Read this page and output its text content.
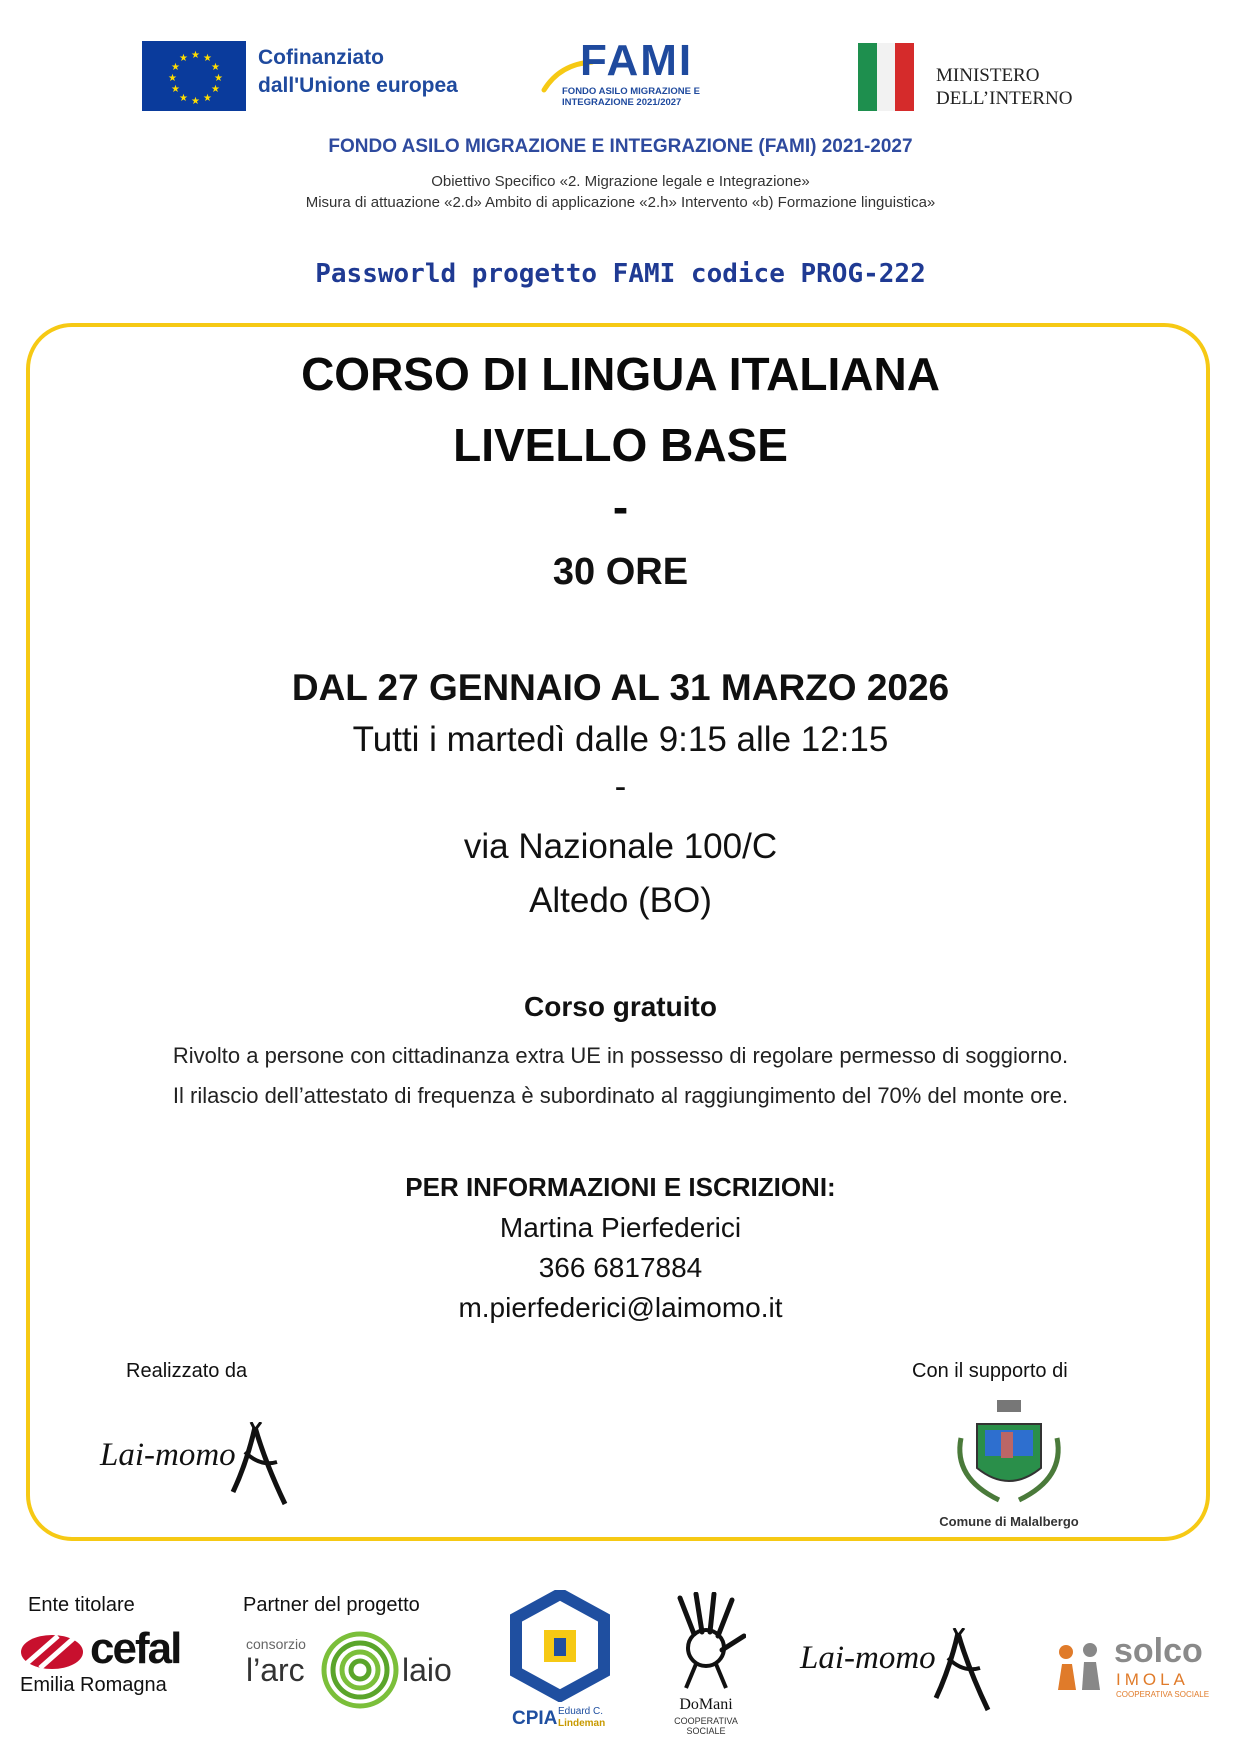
★ ★
★
★
★
★
★
★
★
★
★
★	Cofinanziato
dall'Unione europea
FAMI
FONDO ASILO MIGRAZIONE E
INTEGRAZIONE 2021/2027
MINISTERO
DELL’INTERNO
FONDO ASILO MIGRAZIONE E INTEGRAZIONE (FAMI) 2021-2027
Obiettivo Specifico «2. Migrazione legale e Integrazione»
Misura di attuazione «2.d» Ambito di applicazione «2.h» Intervento «b) Formazione linguistica»
Passworld progetto FAMI codice PROG-222
CORSO DI LINGUA ITALIANA
LIVELLO BASE
-
30 ORE
DAL 27 GENNAIO AL 31 MARZO 2026
Tutti i martedì dalle 9:15 alle 12:15
-
via Nazionale 100/C
Altedo (BO)
Corso gratuito
Rivolto a persone con cittadinanza extra UE in possesso di regolare permesso di soggiorno.
Il rilascio dell’attestato di frequenza è subordinato al raggiungimento del 70% del monte ore.
PER INFORMAZIONI E ISCRIZIONI:
Martina Pierfederici
366 6817884
m.pierfederici@laimomo.it
Realizzato da	Con il supporto di
Lai-momo
Comune di Malalbergo
Ente titolare	Partner del progetto
cefal
Emilia Romagna
consorzio
l’arc	laio
CPIA Eduard C.
Lindeman
DoMani
COOPERATIVA
SOCIALE
Lai-momo	solco
IMOLA
COOPERATIVA SOCIALE
